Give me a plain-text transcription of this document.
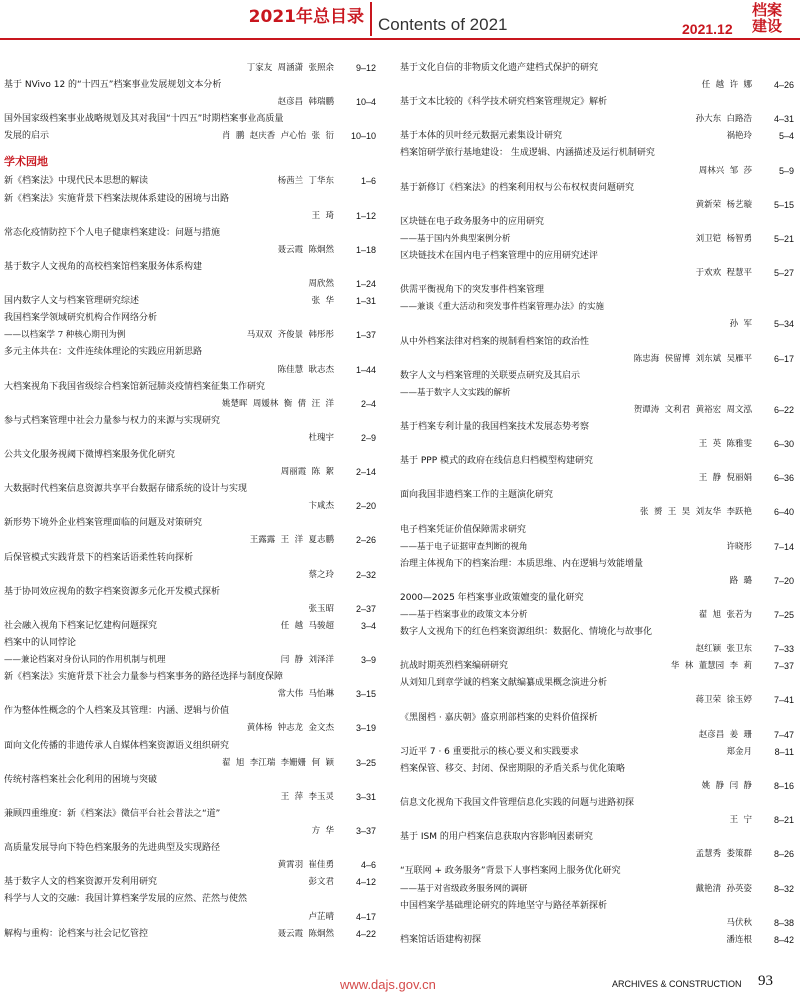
2021年总目录 Contents of 2021	2021.12
档案
建设
丁家友  周涵潇  张照余	9–12
基于 NVivo 12 的“十四五”档案事业发展规划文本分析
赵彦昌  韩瑞鹏	10–4
国外国家级档案事业战略规划及其对我国“十四五”时期档案事业高质量
发展的启示	肖  鹏  赵庆香  卢心怡  张  衍	10–10
学术园地
新《档案法》中现代民本思想的解读	杨茜兰  丁华东	1–6
新《档案法》实施背景下档案法规体系建设的困境与出路
王  琦	1–12
常态化疫情防控下个人电子健康档案建设：问题与措施
聂云霞  陈炯然	1–18
基于数字人文视角的高校档案馆档案服务体系构建
周欣然	1–24
国内数字人文与档案管理研究综述	张  华	1–31
我国档案学领域研究机构合作网络分析
——以档案学 7 种核心期刊为例	马双双  齐俊景  韩彤彤	1–37
多元主体共在：文件连续体理论的实践应用新思路
陈佳慧  耿志杰	1–44
大档案视角下我国省级综合档案馆新冠肺炎疫情档案征集工作研究
姚楚晖  周媛林  衡  倩  汪  洋	2–4
参与式档案管理中社会力量参与权力的来源与实现研究
杜瑰宇	2–9
公共文化服务视阈下微博档案服务优化研究
周丽霞  陈  絮	2–14
大数据时代档案信息资源共享平台数据存储系统的设计与实现
卞咸杰	2–20
新形势下境外企业档案管理面临的问题及对策研究
王露露  王  洋  夏志鹏	2–26
后保管模式实践背景下的档案话语柔性转向探析
蔡之玲	2–32
基于协同效应视角的数字档案资源多元化开发模式探析
张玉昭	2–37
社会融入视角下档案记忆建构问题探究	任  越  马骏超	3–4
档案中的认同悖论
——兼论档案对身份认同的作用机制与机理	闫  静  刘泽洋	3–9
新《档案法》实施背景下社会力量参与档案事务的路径选择与制度保障
常大伟  马怡琳	3–15
作为整体性概念的个人档案及其管理：内涵、逻辑与价值
黄体杨  钟志龙  金文杰	3–19
面向文化传播的非遗传承人自媒体档案资源语义组织研究
翟  旭  李江瑞  李姗姗  何  颖	3–25
传统村落档案社会化利用的困境与突破
王  萍  李玉灵	3–31
兼顾四重维度：新《档案法》微信平台社会普法之“道”
方  华	3–37
高质量发展导向下特色档案服务的先进典型及实现路径
黄霄羽  崔佳勇	4–6
基于数字人文的档案资源开发利用研究	彭文君	4–12
科学与人文的交融：我国计算档案学发展的应然、茫然与使然
卢芷晴	4–17
解构与重构：论档案与社会记忆管控	聂云霞  陈炯然	4–22
基于文化自信的非物质文化遗产建档式保护的研究
任  越  许  娜	4–26
基于文本比较的《科学技术研究档案管理规定》解析
孙大东  白路浩	4–31
基于本体的贝叶经元数据元素集设计研究	祸艳玲	5–4
档案馆研学旅行基地建设： 生成逻辑、内涵描述及运行机制研究
周林兴  邹  莎	5–9
基于新修订《档案法》的档案利用权与公布权权责问题研究
黄新荣  杨艺璇	5–15
区块链在电子政务服务中的应用研究
——基于国内外典型案例分析	刘卫铠  杨智勇	5–21
区块链技术在国内电子档案管理中的应用研究述评
于欢欢  程慧平	5–27
供需平衡视角下的突发事件档案管理
——兼谈《重大活动和突发事件档案管理办法》的实施
孙  军	5–34
从中外档案法律对档案的规制看档案馆的政治性
陈忠海  侯留博  刘东斌  吴雁平	6–17
数字人文与档案管理的关联要点研究及其启示
——基于数字人文实践的解析
贺谭涛  文利君  黄裕宏  周文泓	6–22
基于档案专利计量的我国档案技术发展态势考察
王  英  陈雅雯	6–30
基于 PPP 模式的政府在线信息归档模型构建研究
王  静  倪丽娟	6–36
面向我国非遗档案工作的主题演化研究
张  赟  王  昊  刘友华  李跃艳	6–40
电子档案凭证价值保障需求研究
——基于电子证据审查判断的视角	许晓彤	7–14
治理主体视角下的档案治理：本质思维、内在逻辑与效能增量
路  璐	7–20
2000—2025 年档案事业政策嬗变的量化研究
——基于档案事业的政策文本分析	翟  旭  张若为	7–25
数字人文视角下的红色档案资源组织：数据化、情境化与故事化
赵红颖  张卫东	7–33
抗战时期英烈档案编研研究	华  林  董慧园  李  莉	7–37
从刘知几到章学诚的档案文献编纂成果概念演进分析
蒋卫荣  徐玉婷	7–41
《黑图档 · 嘉庆朝》盛京刑部档案的史料价值探析
赵彦昌  姜  珊	7–47
习近平 7 · 6 重要批示的核心要义和实践要求	郑金月	8–11
档案保管、移交、封闭、保密期限的矛盾关系与优化策略
姚  静  闫  静	8–16
信息文化视角下我国文件管理信息化实践的问题与进路初探
王  宁	8–21
基于 ISM 的用户档案信息获取内容影响因素研究
孟慧秀  娄策群	8–26
“互联网 + 政务服务”背景下人事档案网上服务优化研究
——基于对省级政务服务网的调研	戴艳清  孙英姿	8–32
中国档案学基础理论研究的阵地坚守与路径革新探析
马伏秋	8–38
档案馆话语建构初探	潘连根	8–42
www.dajs.gov.cn	ARCHIVES & CONSTRUCTION 93
